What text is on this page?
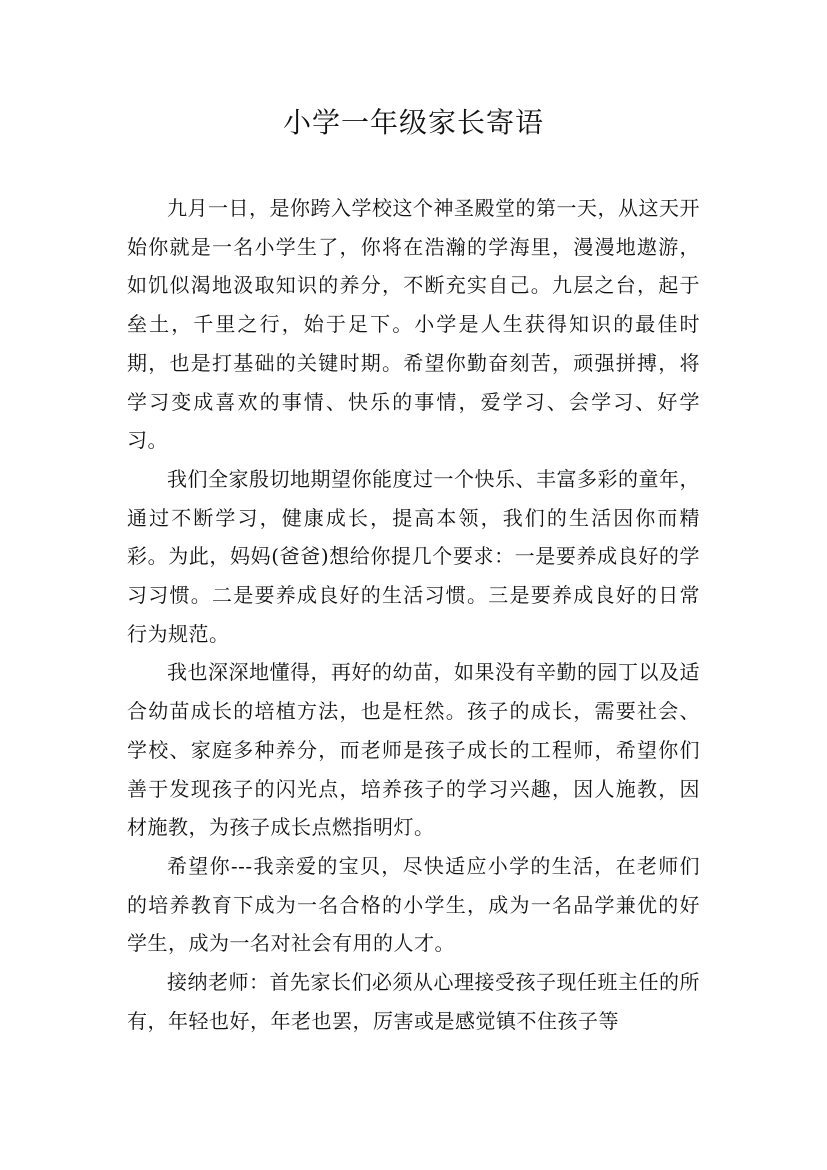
小学一年级家长寄语

九月一日，是你跨入学校这个神圣殿堂的第一天，从这天开始你就是一名小学生了，你将在浩瀚的学海里，漫漫地遨游，如饥似渴地汲取知识的养分，不断充实自己。九层之台，起于垒土，千里之行，始于足下。小学是人生获得知识的最佳时期，也是打基础的关键时期。希望你勤奋刻苦，顽强拼搏，将学习变成喜欢的事情、快乐的事情，爱学习、会学习、好学习。

我们全家殷切地期望你能度过一个快乐、丰富多彩的童年，通过不断学习，健康成长，提高本领，我们的生活因你而精彩。为此，妈妈(爸爸)想给你提几个要求：一是要养成良好的学习习惯。二是要养成良好的生活习惯。三是要养成良好的日常行为规范。

我也深深地懂得，再好的幼苗，如果没有辛勤的园丁以及适合幼苗成长的培植方法，也是枉然。孩子的成长，需要社会、学校、家庭多种养分，而老师是孩子成长的工程师，希望你们善于发现孩子的闪光点，培养孩子的学习兴趣，因人施教，因材施教，为孩子成长点燃指明灯。

希望你---我亲爱的宝贝，尽快适应小学的生活，在老师们的培养教育下成为一名合格的小学生，成为一名品学兼优的好学生，成为一名对社会有用的人才。

接纳老师：首先家长们必须从心理接受孩子现任班主任的所有，年轻也好，年老也罢，厉害或是感觉镇不住孩子等
